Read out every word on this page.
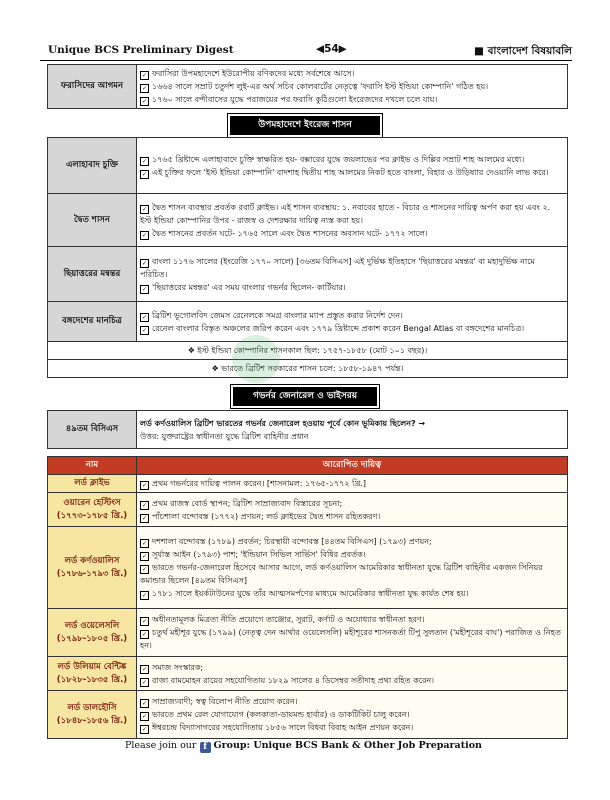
Unique BCS Preliminary Digest	◀54▶	■ বাংলাদেশ বিষয়াবলি
ফরাসিদের আগমন	
✓ ফরাসিরা উপমহাদেশে ইউরোপীয় বণিকদের মধ্যে সর্বশেষে আসে।
✓ ১৬৬৪ সালে সম্রাট চতুর্দশ লুই-এর অর্থ সচিব কোলবার্টের নেতৃত্বে 'ফরাসি ইস্ট ইন্ডিয়া কোম্পানি' গঠিত হয়।
✓ ১৭৬০ সালে বন্দীবাসের যুদ্ধে পরাজয়ের পর ফরাসি কুঠিগুলো ইংরেজদের দখলে চলে যায়।
উপমহাদেশে ইংরেজ শাসন
এলাহাবাদ চুক্তি	✓ ১৭৬৫ খ্রিষ্টাব্দে এলাহাবাদে চুক্তি স্বাক্ষরিত হয়- বক্সারের যুদ্ধে জয়লাভের পর ক্লাইভ ও দিল্লির সম্রাট শাহ আলমের মধ্যে।
✓ এই চুক্তির ফলে 'ইস্ট ইন্ডিয়া কোম্পানি' বাদশাহ দ্বিতীয় শাহ আলমের নিকট হতে বাংলা, বিহার ও উড়িষ্যার দেওয়ানি লাভ করে।

দ্বৈত শাসন	✓ দ্বৈত শাসন ব্যবস্থার প্রবর্তক রবার্ট ক্লাইভ। এই শাসন ব্যবস্থায়: ১. নবাবের হাতে - বিচার ও শাসনের দায়িত্ব অর্পণ করা হয় এবং ২. ইস্ট ইন্ডিয়া কোম্পানির উপর - রাজস্ব ও দেশরক্ষার দায়িত্ব ন্যস্ত করা হয়।
✓ দ্বৈত শাসনের প্রবর্তন ঘটে- ১৭৬৫ সালে এবং দ্বৈত শাসনের অবসান ঘটে- ১৭৭২ সালে।

ছিয়াত্তরের মন্বন্তর	✓ বাংলা ১১৭৬ সালের (ইংরেজি ১৭৭০ সালে) [৩৬তম বিসিএস] এই দুর্ভিক্ষ ইতিহাসে 'ছিয়াত্তরের মন্বন্তর' বা মহাদুর্ভিক্ষ নামে পরিচিত।
✓ 'ছিয়াত্তরের মন্বন্তর' এর সময় বাংলার গভর্নর ছিলেন- কার্টিয়ার।

বঙ্গদেশের মানচিত্র	✓ ব্রিটিশ ভূগোলবিদ জেমস রেনেলকে সমগ্র বাংলার ম্যাপ প্রস্তুত করার নির্দেশ দেন।
✓ রেনেল বাংলার বিস্তৃত অঞ্চলের জরিপ করেন এবং ১৭৭৯ খ্রিষ্টাব্দে প্রকাশ করেন Bengal Atlas বা বঙ্গদেশের মানচিত্র।

❖ ইস্ট ইন্ডিয়া কোম্পানির শাসনকাল ছিল: ১৭৫৭-১৮৫৮ (মোট ১০১ বছর)।	
❖ ভারতে ব্রিটিশ সরকারের শাসন চলে: ১৮৫৮-১৯৪৭ পর্যন্ত।	
গভর্নর জেনারেল ও ভাইসরয়
৪৯তম বিসিএস	
লর্ড কর্ণওয়ালিস ব্রিটিশ ভারতের গভর্নর জেনারেল হওয়ায় পূর্বে কোন ভূমিকায় ছিলেন? →
উত্তর: যুক্তরাষ্ট্রের স্বাধীনতা যুদ্ধে ব্রিটিশ বাহিনীর প্রধান
নাম	আরোপিত দায়িত্ব
লর্ড ক্লাইভ	✓ প্রথম গভর্নরের দায়িত্ব পালন করেন। [শাসনামল: ১৭৬৫-১৭৭২ খ্রি.]

ওয়ারেন হেস্টিংস (১৭৭৩-১৭৮৫ খ্রি.)	✓ প্রথম রাজস্ব বোর্ড স্থাপন; ব্রিটিশ সাম্রাজ্যবাদ বিস্তারের সূচনা;
✓ পাঁচশালা বন্দোবস্ত (১৭৭২) প্রণয়ন; লর্ড ক্লাইভের দ্বৈত শাসন রহিতকরণ।

লর্ড কর্ণওয়ালিস (১৭৮৬-১৭৯৩ খ্রি.)	✓ দশশালা বন্দোবস্ত (১৭৮৯) প্রবর্তন; চিরস্থায়ী বন্দোবস্ত [৪৪তম বিসিএস] (১৭৯৩) প্রণয়ন;
✓ সূর্যাস্ত আইন (১৭৯৩) পাশ; 'ইন্ডিয়ান সিভিল সার্ভিস' বিধির প্রবর্তক।
✓ ভারতে গভর্নর-জেনারেল হিসেবে আসার আগে, লর্ড কর্ণওয়ালিস আমেরিকার স্বাধীনতা যুদ্ধে ব্রিটিশ বাহিনীর একজন সিনিয়র কমান্ডার ছিলেন [৪৯তম বিসিএস]
✓ ১৭৮১ সালে ইয়র্কটাউনের যুদ্ধে তাঁর আত্মসমর্পণের মাধ্যমে আমেরিকার স্বাধীনতা যুদ্ধ কার্যত শেষ হয়।

লর্ড ওয়েলেসলি (১৭৯৮-১৮০৫ খ্রি.)	✓ অধীনতামূলক মিত্রতা নীতি প্রয়োগে তাঞ্জোর, সুরাট, কর্ণাট ও অযোধ্যার স্বাধীনতা হরণ।
✓ চতুর্থ মহীশূর যুদ্ধে (১৭৯৯) (নেতৃত্ব দেন আর্থার ওয়েলেসলি) মহীশূরের শাসনকর্তা টিপু সুলতান ('মহীশূরের বাঘ') পরাজিত ও নিহত হন।

লর্ড উলিয়াম বেন্টিঙ্ক (১৮২৮-১৮৩৫ খ্রি.)	✓ সমাজ সংস্কারক;
✓ রাজা রামমোহন রায়ের সহযোগিতায় ১৮২৯ সালের ৪ ডিসেম্বর সতীদাহ প্রথা রহিত করেন।

লর্ড ডালহৌসি (১৮৪৮-১৮৫৬ খ্রি.)	✓ সাম্রাজ্যবাদী; স্বত্ব বিলোপ নীতি প্রয়োগ করেন।
✓ ভারতে প্রথম রেল যোগাযোগ (কলকাতা-ডায়মন্ড হার্বার) ও ডাকটিকিট চালু করেন।
✓ ঈশ্বরচন্দ্র বিদ্যাসাগরের সহযোগিতায় ১৮৫৬ সালে বিধবা বিবাহ আইন প্রণয়ন করেন।
Please join our f Group: Unique BCS Bank & Other Job Preparation
